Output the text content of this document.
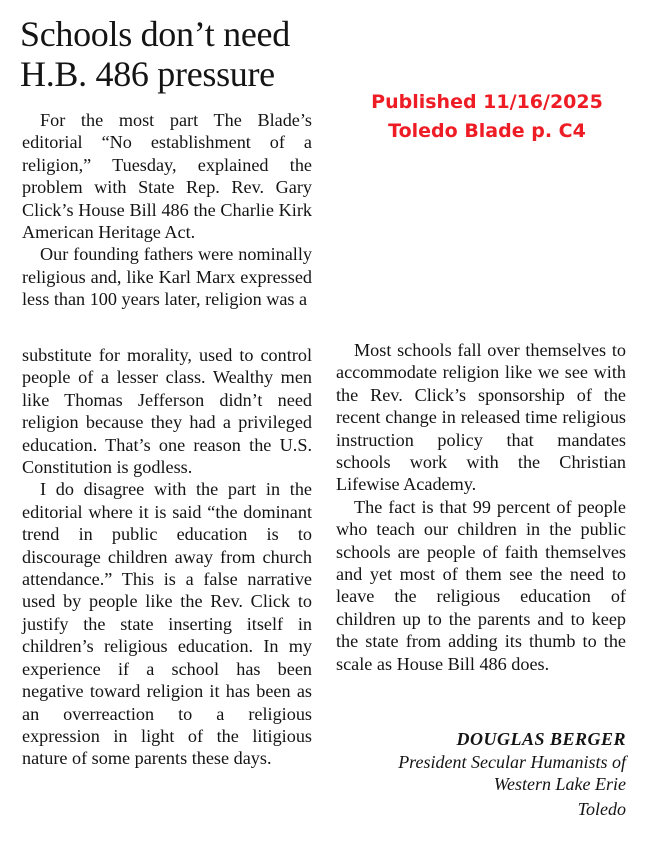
Schools don’t need
H.B. 486 pressure
Published 11/16/2025
Toledo Blade p. C4

For the most part The Blade’s editorial “No establishment of a religion,” Tuesday, explained the problem with State Rep. Rev. Gary Click’s House Bill 486 the Charlie Kirk American Heritage Act.

Our founding fathers were nominally religious and, like Karl Marx expressed less than 100 years later, religion was a

substitute for morality, used to control people of a lesser class. Wealthy men like Thomas Jefferson didn’t need religion because they had a privileged education. That’s one reason the U.S. Constitution is godless.

I do disagree with the part in the editorial where it is said “the dominant trend in public education is to discourage children away from church attendance.” This is a false narrative used by people like the Rev. Click to justify the state inserting itself in children’s religious education. In my experience if a school has been negative toward religion it has been as an overreaction to a religious expression in light of the litigious nature of some parents these days.

Most schools fall over themselves to accommodate religion like we see with the Rev. Click’s sponsorship of the recent change in released time religious instruction policy that mandates schools work with the Christian Lifewise Academy.

The fact is that 99 percent of people who teach our children in the public schools are people of faith themselves and yet most of them see the need to leave the religious education of children up to the parents and to keep the state from adding its thumb to the scale as House Bill 486 does.

DOUGLAS BERGER
President Secular Humanists of
Western Lake Erie
Toledo
